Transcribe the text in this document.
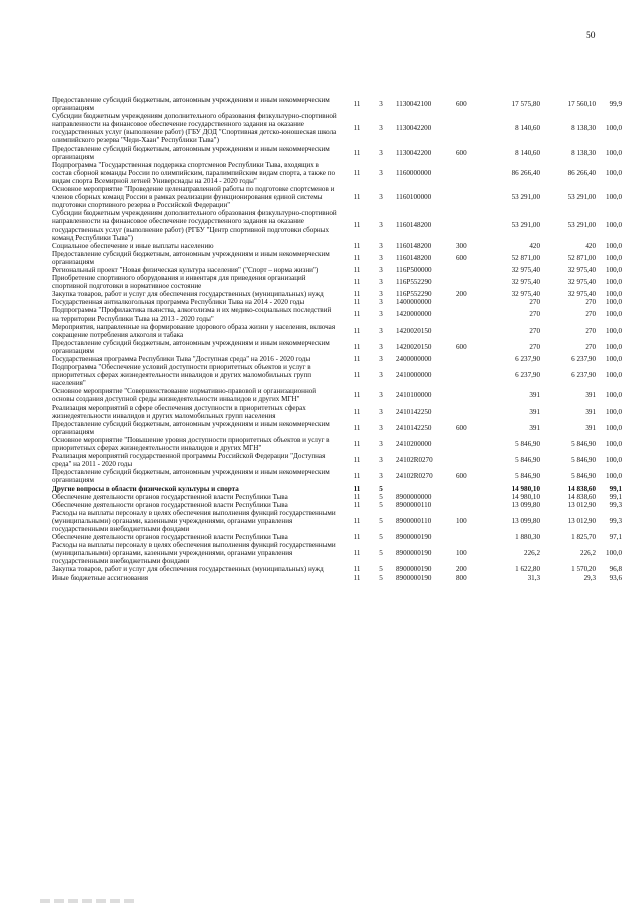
50
Предоставление субсидий бюджетным, автономным учреждениям и иным некоммерческим организациям	11	3	1130042100	600	17 575,80	17 560,10	99,9
Субсидии бюджетным учреждениям дополнительного образования физкультурно-спортивной направленности на финансовое обеспечение государственного задания на оказание государственных услуг (выполнение работ) (ГБУ ДОД "Спортивная детско-юношеская школа олимпийского резерва "Чеди-Хаан" Республики Тыва")	11	3	1130042200		8 140,60	8 138,30	100,0
Предоставление субсидий бюджетным, автономным учреждениям и иным некоммерческим организациям	11	3	1130042200	600	8 140,60	8 138,30	100,0
Подпрограмма "Государственная поддержка спортсменов Республики Тыва, входящих в состав сборной команды России по олимпийским, паралимпийским видам спорта, а также по видам спорта Всемирной летней Универсиады на 2014 - 2020 годы"	11	3	1160000000		86 266,40	86 266,40	100,0
Основное мероприятие "Проведение целенаправленной работы по подготовке спортсменов и членов сборных команд России в рамках реализации функционирования единой системы подготовки спортивного резерва в Российской Федерации"	11	3	1160100000		53 291,00	53 291,00	100,0
Субсидии бюджетным учреждениям дополнительного образования физкультурно-спортивной направленности на финансовое обеспечение государственного задания на оказание государственных услуг (выполнение работ) (РГБУ "Центр спортивной подготовки сборных команд Республики Тыва")	11	3	1160148200		53 291,00	53 291,00	100,0
Социальное обеспечение и иные выплаты населению	11	3	1160148200	300	420	420	100,0
Предоставление субсидий бюджетным, автономным учреждениям и иным некоммерческим организациям	11	3	1160148200	600	52 871,00	52 871,00	100,0
Региональный проект "Новая физическая культура населения" ("Спорт – норма жизни")	11	3	116P500000		32 975,40	32 975,40	100,0
Приобретение спортивного оборудования и инвентаря для приведения организаций спортивной подготовки в нормативное состояние	11	3	116P552290		32 975,40	32 975,40	100,0
Закупка товаров, работ и услуг для обеспечения государственных (муниципальных) нужд	11	3	116P552290	200	32 975,40	32 975,40	100,0
Государственная антиалкогольная программа Республики Тыва на 2014 - 2020 годы	11	3	1400000000		270	270	100,0
Подпрограмма "Профилактика пьянства, алкоголизма и их медико-социальных последствий на территории Республики Тыва на 2013 - 2020 годы"	11	3	1420000000		270	270	100,0
Мероприятия, направленные на формирование здорового образа жизни у населения, включая сокращение потребления алкоголя и табака	11	3	1420020150		270	270	100,0
Предоставление субсидий бюджетным, автономным учреждениям и иным некоммерческим организациям	11	3	1420020150	600	270	270	100,0
Государственная программа Республики Тыва "Доступная среда" на 2016 - 2020 годы	11	3	2400000000		6 237,90	6 237,90	100,0
Подпрограмма "Обеспечение условий доступности приоритетных объектов и услуг в приоритетных сферах жизнедеятельности инвалидов и других маломобильных групп населения"	11	3	2410000000		6 237,90	6 237,90	100,0
Основное мероприятие "Совершенствование нормативно-правовой и организационной основы создания доступной среды жизнедеятельности инвалидов и других МГН"	11	3	2410100000		391	391	100,0
Реализация мероприятий в сфере обеспечения доступности в приоритетных сферах жизнедеятельности инвалидов и других маломобильных групп населения	11	3	2410142250		391	391	100,0
Предоставление субсидий бюджетным, автономным учреждениям и иным некоммерческим организациям	11	3	2410142250	600	391	391	100,0
Основное мероприятие "Повышение уровня доступности приоритетных объектов и услуг в приоритетных сферах жизнедеятельности инвалидов и других МГН"	11	3	2410200000		5 846,90	5 846,90	100,0
Реализация мероприятий государственной программы Российской Федерации "Доступная среда" на 2011 - 2020 годы	11	3	24102R0270		5 846,90	5 846,90	100,0
Предоставление субсидий бюджетным, автономным учреждениям и иным некоммерческим организациям	11	3	24102R0270	600	5 846,90	5 846,90	100,0
Другие вопросы в области физической культуры и спорта	11	5			14 980,10	14 838,60	99,1
Обеспечение деятельности органов государственной власти Республики Тыва	11	5	8900000000		14 980,10	14 838,60	99,1
Обеспечение деятельности органов государственной власти Республики Тыва	11	5	8900000110		13 099,80	13 012,90	99,3
Расходы на выплаты персоналу в целях обеспечения выполнения функций государственными (муниципальными) органами, казенными учреждениями, органами управления государственными внебюджетными фондами	11	5	8900000110	100	13 099,80	13 012,90	99,3
Обеспечение деятельности органов государственной власти Республики Тыва	11	5	8900000190		1 880,30	1 825,70	97,1
Расходы на выплаты персоналу в целях обеспечения выполнения функций государственными (муниципальными) органами, казенными учреждениями, органами управления государственными внебюджетными фондами	11	5	8900000190	100	226,2	226,2	100,0
Закупка товаров, работ и услуг для обеспечения государственных (муниципальных) нужд	11	5	8900000190	200	1 622,80	1 570,20	96,8
Иные бюджетные ассигнования	11	5	8900000190	800	31,3	29,3	93,6
